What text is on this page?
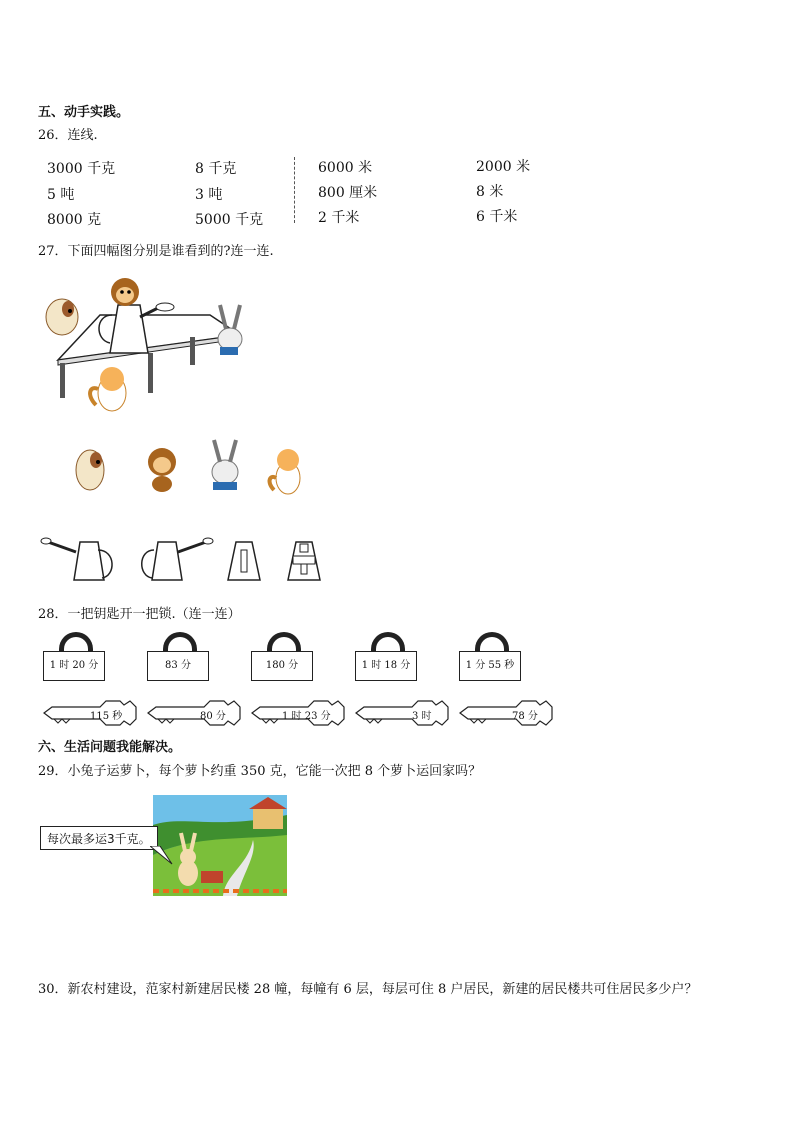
五、动手实践。
26．连线.
3000 千克
5 吨
8000 克
8 千克
3 吨
5000 千克
6000 米
800 厘米
2 千米
2000 米
8 米
6 千米
27．下面四幅图分别是谁看到的?连一连.
28．一把钥匙开一把锁.（连一连）
1 时 20 分	83 分	180 分	1 时 18 分	1 分 55 秒
115 秒	80 分	1 时 23 分	3 时	78 分
六、生活问题我能解决。
29．小兔子运萝卜，每个萝卜约重 350 克，它能一次把 8 个萝卜运回家吗？
每次最多运3千克。
30．新农村建设，范家村新建居民楼 28 幢，每幢有 6 层，每层可住 8 户居民，新建的居民楼共可住居民多少户？
